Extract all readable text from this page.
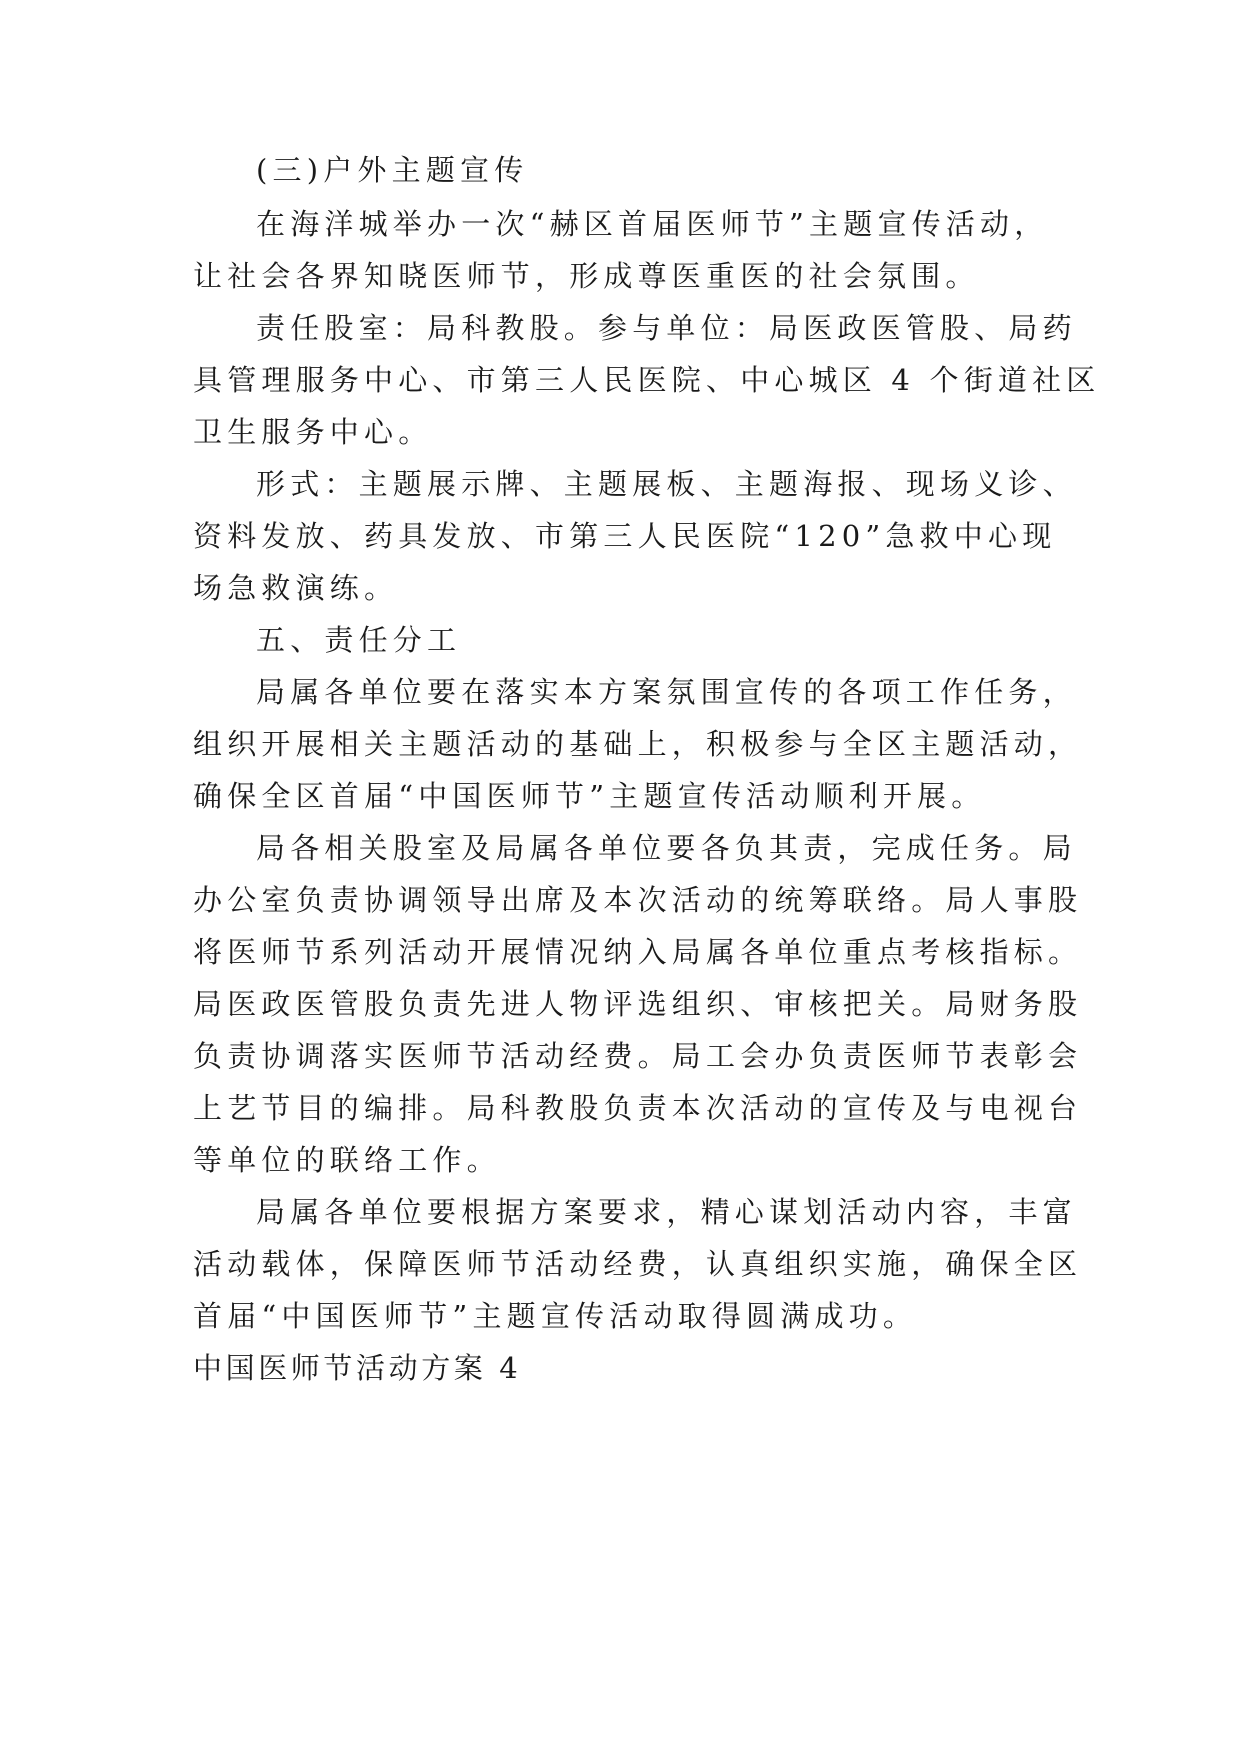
(三)户外主题宣传

在海洋城举办一次“赫区首届医师节”主题宣传活动，

让社会各界知晓医师节，形成尊医重医的社会氛围。

责任股室：局科教股。参与单位：局医政医管股、局药

具管理服务中心、市第三人民医院、中心城区 4 个街道社区

卫生服务中心。

形式：主题展示牌、主题展板、主题海报、现场义诊、

资料发放、药具发放、市第三人民医院“120”急救中心现

场急救演练。

五、责任分工

局属各单位要在落实本方案氛围宣传的各项工作任务，

组织开展相关主题活动的基础上，积极参与全区主题活动，

确保全区首届“中国医师节”主题宣传活动顺利开展。

局各相关股室及局属各单位要各负其责，完成任务。局

办公室负责协调领导出席及本次活动的统筹联络。局人事股

将医师节系列活动开展情况纳入局属各单位重点考核指标。

局医政医管股负责先进人物评选组织、审核把关。局财务股

负责协调落实医师节活动经费。局工会办负责医师节表彰会

上艺节目的编排。局科教股负责本次活动的宣传及与电视台

等单位的联络工作。

局属各单位要根据方案要求，精心谋划活动内容，丰富

活动载体，保障医师节活动经费，认真组织实施，确保全区

首届“中国医师节”主题宣传活动取得圆满成功。

中国医师节活动方案 4
